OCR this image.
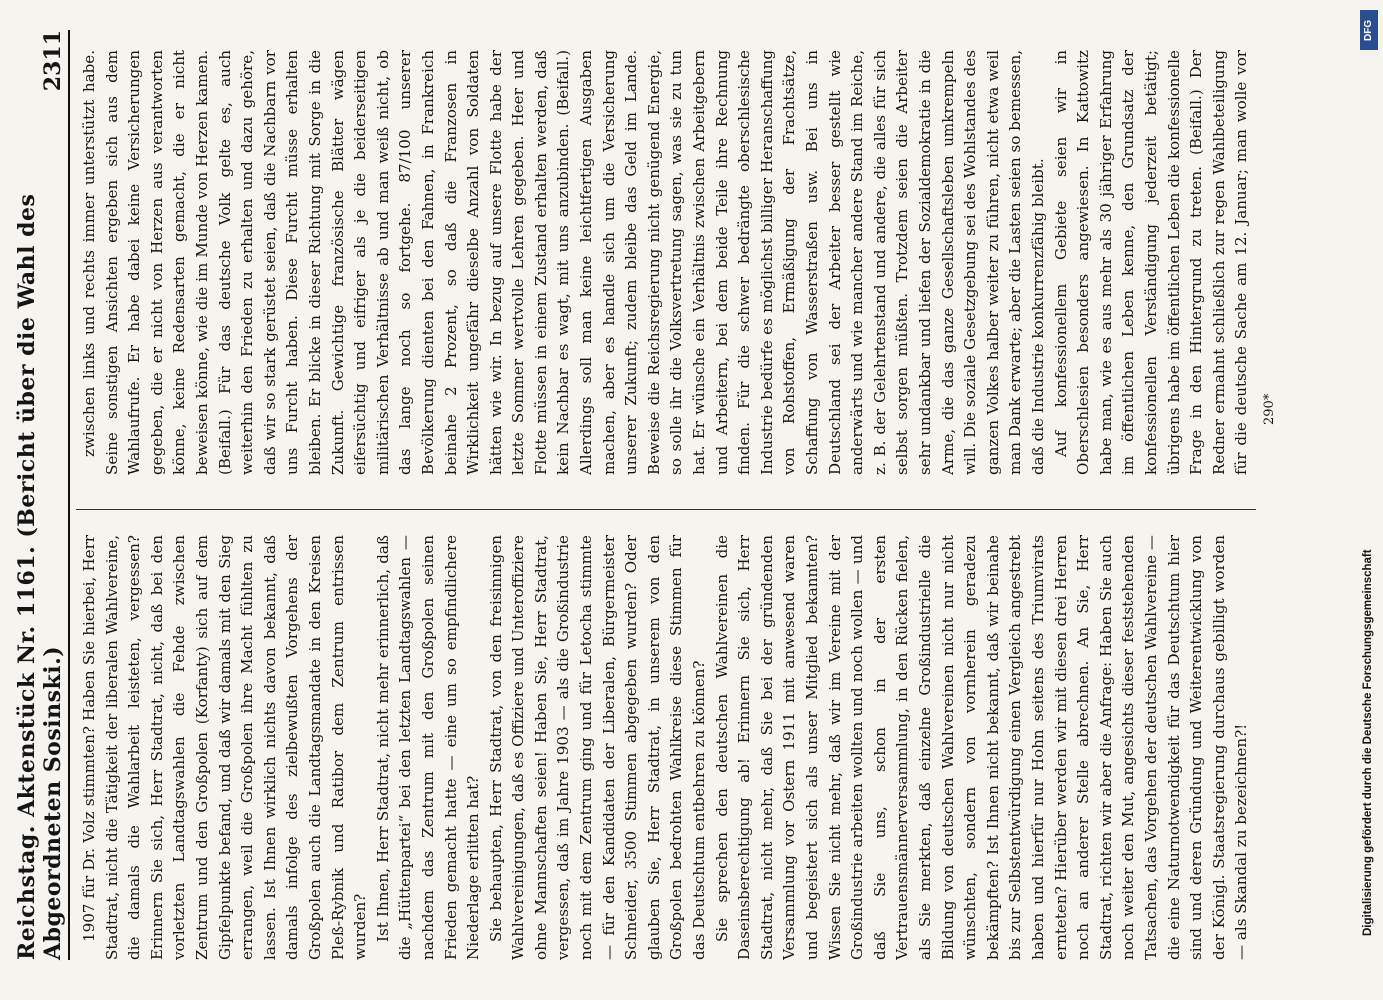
Reichstag. Aktenstück Nr. 1161. (Bericht über die Wahl des Abgeordneten Sosinski.)
2311

1907 für Dr. Volz stimmten? Haben Sie hierbei, Herr Stadtrat, nicht die Tätigkeit der liberalen Wahlvereine, die damals die Wahlarbeit leisteten, vergessen? Erinnern Sie sich, Herr Stadtrat, nicht, daß bei den vorletzten Landtagswahlen die Fehde zwischen Zentrum und den Großpolen (Korfanty) sich auf dem Gipfelpunkte befand, und daß wir damals mit den Sieg errangen, weil die Großpolen ihre Macht fühlten zu lassen. Ist Ihnen wirklich nichts davon bekannt, daß damals infolge des zielbewußten Vorgehens der Großpolen auch die Landtagsmandate in den Kreisen Pleß-Rybnik und Ratibor dem Zentrum entrissen wurden? Ist Ihnen, Herr Stadtrat, nicht mehr erinnerlich, daß die „Hüttenpartei“ bei den letzten Landtagswahlen — nachdem das Zentrum mit den Großpolen seinen Frieden gemacht hatte — eine um so empfindlichere Niederlage erlitten hat? Sie behaupten, Herr Stadtrat, von den freisinnigen Wahlvereinigungen, daß es Offiziere und Unteroffiziere ohne Mannschaften seien! Haben Sie, Herr Stadtrat, vergessen, daß im Jahre 1903 — als die Großindustrie noch mit dem Zentrum ging und für Letocha stimmte — für den Kandidaten der Liberalen, Bürgermeister Schneider, 3500 Stimmen abgegeben wurden? Oder glauben Sie, Herr Stadtrat, in unserem von den Großpolen bedrohten Wahlkreise diese Stimmen für das Deutschtum entbehren zu können? Sie sprechen den deutschen Wahlvereinen die Daseinsberechtigung ab! Erinnern Sie sich, Herr Stadtrat, nicht mehr, daß Sie bei der gründenden Versammlung vor Ostern 1911 mit anwesend waren und begeistert sich als unser Mitglied bekannten? Wissen Sie nicht mehr, daß wir im Vereine mit der Großindustrie arbeiten wollten und noch wollen — und daß Sie uns, schon in der ersten Vertrauensmännerversammlung, in den Rücken fielen, als Sie merkten, daß einzelne Großindustrielle die Bildung von deutschen Wahlvereinen nicht nur nicht wünschten, sondern von vornherein geradezu bekämpften? Ist Ihnen nicht bekannt, daß wir beinahe bis zur Selbstentwürdigung einen Vergleich angestrebt haben und hierfür nur Hohn seitens des Triumvirats ernteten? Hierüber werden wir mit diesen drei Herren noch an anderer Stelle abrechnen. An Sie, Herr Stadtrat, richten wir aber die Anfrage: Haben Sie auch noch weiter den Mut, angesichts dieser feststehenden Tatsachen, das Vorgehen der deutschen Wahlvereine — die eine Naturnotwendigkeit für das Deutschtum hier sind und deren Gründung und Weiterentwicklung von der Königl. Staatsregierung durchaus gebilligt worden — als Skandal zu bezeichnen?!

zwischen links und rechts immer unterstützt habe. Seine sonstigen Ansichten ergeben sich aus dem Wahlaufrufe. Er habe dabei keine Versicherungen gegeben, die er nicht von Herzen aus verantworten könne, keine Redensarten gemacht, die er nicht beweisen könne, wie die im Munde von Herzen kamen. (Beifall.) Für das deutsche Volk gelte es, auch weiterhin den Frieden zu erhalten und dazu gehöre, daß wir so stark gerüstet seien, daß die Nachbarn vor uns Furcht haben. Diese Furcht müsse erhalten bleiben. Er blicke in dieser Richtung mit Sorge in die Zukunft. Gewichtige französische Blätter wägen eifersüchtig und eifriger als je die beiderseitigen militärischen Verhältnisse ab und man weiß nicht, ob das lange noch so fortgehe. 87/100 unserer Bevölkerung dienten bei den Fahnen, in Frankreich beinahe 2 Prozent, so daß die Franzosen in Wirklichkeit ungefähr dieselbe Anzahl von Soldaten hätten wie wir. In bezug auf unsere Flotte habe der letzte Sommer wertvolle Lehren gegeben. Heer und Flotte müssen in einem Zustand erhalten werden, daß kein Nachbar es wagt, mit uns anzubinden. (Beifall.) Allerdings soll man keine leichtfertigen Ausgaben machen, aber es handle sich um die Versicherung unserer Zukunft; zudem bleibe das Geld im Lande. Beweise die Reichsregierung nicht genügend Energie, so solle ihr die Volksvertretung sagen, was sie zu tun hat. Er wünsche ein Verhältnis zwischen Arbeitgebern und Arbeitern, bei dem beide Teile ihre Rechnung finden. Für die schwer bedrängte oberschlesische Industrie bedürfe es möglichst billiger Heranschaffung von Rohstoffen, Ermäßigung der Frachtsätze, Schaffung von Wasserstraßen usw. Bei uns in Deutschland sei der Arbeiter besser gestellt wie anderwärts und wie mancher andere Stand im Reiche, z. B. der Gelehrtenstand und andere, die alles für sich selbst sorgen müßten. Trotzdem seien die Arbeiter sehr undankbar und liefen der Sozialdemokratie in die Arme, die das ganze Gesellschaftsleben umkrempeln will. Die soziale Gesetzgebung sei des Wohlstandes des ganzen Volkes halber weiter zu führen, nicht etwa weil man Dank erwarte; aber die Lasten seien so bemessen, daß die Industrie konkurrenzfähig bleibt. Auf konfessionellem Gebiete seien wir in Oberschlesien besonders angewiesen. In Kattowitz habe man, wie es aus mehr als 30 jähriger Erfahrung im öffentlichen Leben kenne, den Grundsatz der konfessionellen Verständigung jederzeit betätigt; übrigens habe im öffentlichen Leben die konfessionelle Frage in den Hintergrund zu treten. (Beifall.) Der Redner ermahnt schließlich zur regen Wahlbeteiligung für die deutsche Sache am 12. Januar; man wolle vor

290*
DFG
Digitalisierung gefördert durch die Deutsche Forschungsgemeinschaft
